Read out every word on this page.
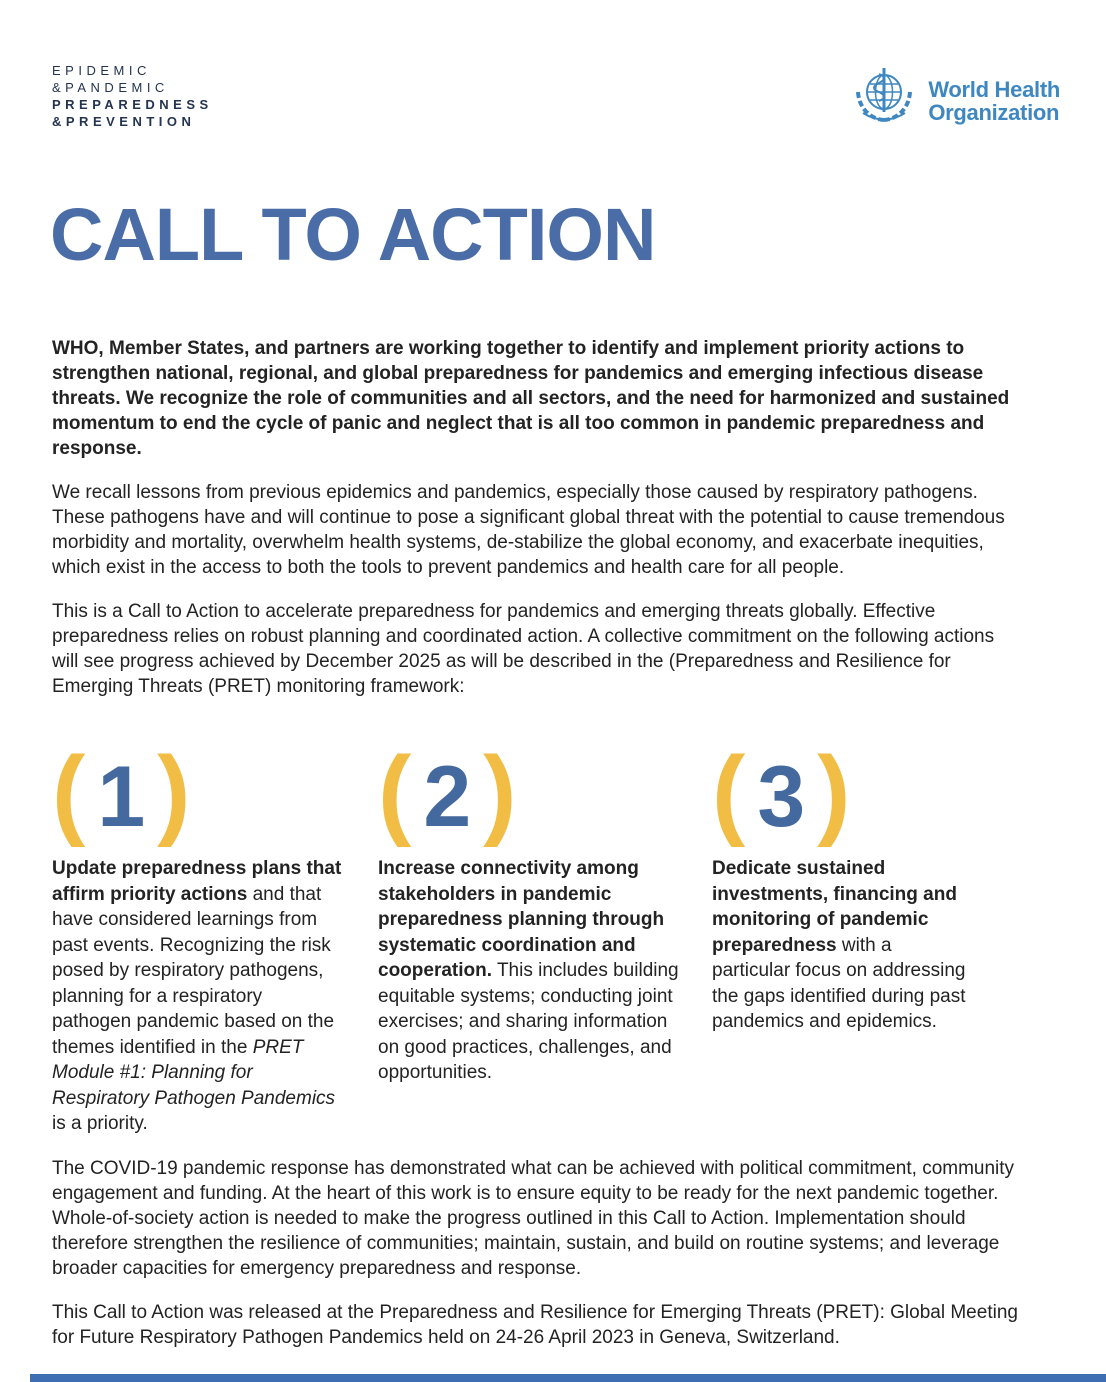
EPIDEMIC
&PANDEMIC
PREPAREDNESS
&PREVENTION
World Health
Organization
CALL TO ACTION

WHO, Member States, and partners are working together to identify and implement priority actions to strengthen national, regional, and global preparedness for pandemics and emerging infectious disease threats. We recognize the role of communities and all sectors, and the need for harmonized and sustained momentum to end the cycle of panic and neglect that is all too common in pandemic preparedness and response.

We recall lessons from previous epidemics and pandemics, especially those caused by respiratory pathogens. These pathogens have and will continue to pose a significant global threat with the potential to cause tremendous morbidity and mortality, overwhelm health systems, de-stabilize the global economy, and exacerbate inequities, which exist in the access to both the tools to prevent pandemics and health care for all people.

This is a Call to Action to accelerate preparedness for pandemics and emerging threats globally. Effective preparedness relies on robust planning and coordinated action. A collective commitment on the following actions will see progress achieved by December 2025 as will be described in the (Preparedness and Resilience for Emerging Threats (PRET) monitoring framework:

( 1 )

Update preparedness plans that affirm priority actions and that have considered learnings from past events. Recognizing the risk posed by respiratory pathogens, planning for a respiratory pathogen pandemic based on the themes identified in the PRET Module #1: Planning for Respiratory Pathogen Pandemics is a priority.

( 2 )

Increase connectivity among stakeholders in pandemic preparedness planning through systematic coordination and cooperation. This includes building equitable systems; conducting joint exercises; and sharing information on good practices, challenges, and opportunities.

( 3 )

Dedicate sustained investments, financing and monitoring of pandemic preparedness with a particular focus on addressing the gaps identified during past pandemics and epidemics.

The COVID-19 pandemic response has demonstrated what can be achieved with political commitment, community engagement and funding. At the heart of this work is to ensure equity to be ready for the next pandemic together. Whole-of-society action is needed to make the progress outlined in this Call to Action. Implementation should therefore strengthen the resilience of communities; maintain, sustain, and build on routine systems; and leverage broader capacities for emergency preparedness and response.

This Call to Action was released at the Preparedness and Resilience for Emerging Threats (PRET): Global Meeting for Future Respiratory Pathogen Pandemics held on 24-26 April 2023 in Geneva, Switzerland.
